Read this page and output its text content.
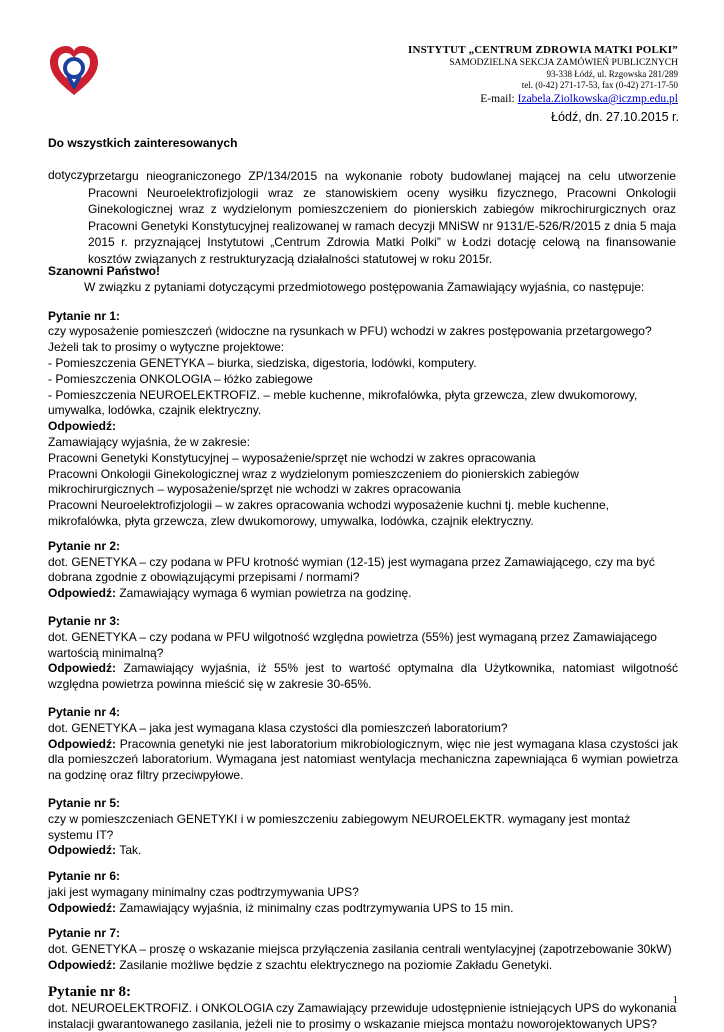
INSTYTUT „CENTRUM ZDROWIA MATKI POLKI”
SAMODZIELNA SEKCJA ZAMÓWIEŃ PUBLICZNYCH
93-338 Łódź, ul. Rzgowska 281/289
tel. (0-42) 271-17-53, fax (0-42) 271-17-50
E-mail: Izabela.Ziolkowska@iczmp.edu.pl
Łódź, dn. 27.10.2015 r.
Do wszystkich zainteresowanych
dotyczy:
przetargu nieograniczonego ZP/134/2015 na wykonanie roboty budowlanej mającej na celu utworzenie Pracowni Neuroelektrofizjologii wraz ze stanowiskiem oceny wysiłku fizycznego, Pracowni Onkologii Ginekologicznej wraz z wydzielonym pomieszczeniem do pionierskich zabiegów mikrochirurgicznych oraz Pracowni Genetyki Konstytucyjnej realizowanej w ramach decyzji MNiSW nr 9131/E-526/R/2015 z dnia 5 maja 2015 r. przyznającej Instytutowi „Centrum Zdrowia Matki Polki” w Łodzi dotację celową na finansowanie kosztów związanych z restrukturyzacją działalności statutowej w roku 2015r.

Szanowni Państwo!

W związku z pytaniami dotyczącymi przedmiotowego postępowania Zamawiający wyjaśnia, co następuje:

Pytanie nr 1:

czy wyposażenie pomieszczeń (widoczne na rysunkach w PFU) wchodzi w zakres postępowania przetargowego?

Jeżeli tak to prosimy o wytyczne projektowe:

- Pomieszczenia GENETYKA – biurka, siedziska, digestoria, lodówki, komputery.

- Pomieszczenia ONKOLOGIA – łóżko zabiegowe

- Pomieszczenia NEUROELEKTROFIZ. – meble kuchenne, mikrofalówka, płyta grzewcza, zlew dwukomorowy, umywalka, lodówka, czajnik elektryczny.

Odpowiedź:

Zamawiający wyjaśnia, że w zakresie:

Pracowni Genetyki Konstytucyjnej – wyposażenie/sprzęt nie wchodzi w zakres opracowania

Pracowni Onkologii Ginekologicznej wraz z wydzielonym pomieszczeniem do pionierskich zabiegów mikrochirurgicznych – wyposażenie/sprzęt nie wchodzi w zakres opracowania

Pracowni Neuroelektrofizjologii – w zakres opracowania wchodzi wyposażenie kuchni tj. meble kuchenne, mikrofalówka, płyta grzewcza, zlew dwukomorowy, umywalka, lodówka, czajnik elektryczny.

Pytanie nr 2:

dot. GENETYKA – czy podana w PFU krotność wymian (12-15) jest wymagana przez Zamawiającego, czy ma być dobrana zgodnie z obowiązującymi przepisami / normami?

Odpowiedź: Zamawiający wymaga 6 wymian powietrza na godzinę.

Pytanie nr 3:

dot. GENETYKA – czy podana w PFU wilgotność względna powietrza (55%) jest wymaganą przez Zamawiającego wartością minimalną?

Odpowiedź: Zamawiający wyjaśnia, iż 55% jest to wartość optymalna dla Użytkownika, natomiast wilgotność względna powietrza powinna mieścić się w zakresie 30-65%.

Pytanie nr 4:

dot. GENETYKA – jaka jest wymagana klasa czystości dla pomieszczeń laboratorium?

Odpowiedź: Pracownia genetyki nie jest laboratorium mikrobiologicznym, więc nie jest wymagana klasa czystości jak dla pomieszczeń laboratorium. Wymagana jest natomiast wentylacja mechaniczna zapewniająca 6 wymian powietrza na godzinę oraz filtry przeciwpyłowe.

Pytanie nr 5:

czy w pomieszczeniach GENETYKI i w pomieszczeniu zabiegowym NEUROELEKTR. wymagany jest montaż systemu IT?

Odpowiedź: Tak.

Pytanie nr 6:

jaki jest wymagany minimalny czas podtrzymywania UPS?

Odpowiedź: Zamawiający wyjaśnia, iż minimalny czas podtrzymywania UPS to 15 min.

Pytanie nr 7:

dot. GENETYKA – proszę o wskazanie miejsca przyłączenia zasilania centrali wentylacyjnej (zapotrzebowanie 30kW)

Odpowiedź: Zasilanie możliwe będzie z szachtu elektrycznego na poziomie Zakładu Genetyki.

Pytanie nr 8:

dot. NEUROELEKTROFIZ. i ONKOLOGIA czy Zamawiający przewiduje udostępnienie istniejących UPS do wykonania instalacji gwarantowanego zasilania, jeżeli nie to prosimy o wskazanie miejsca montażu noworojektowanych UPS?

1
